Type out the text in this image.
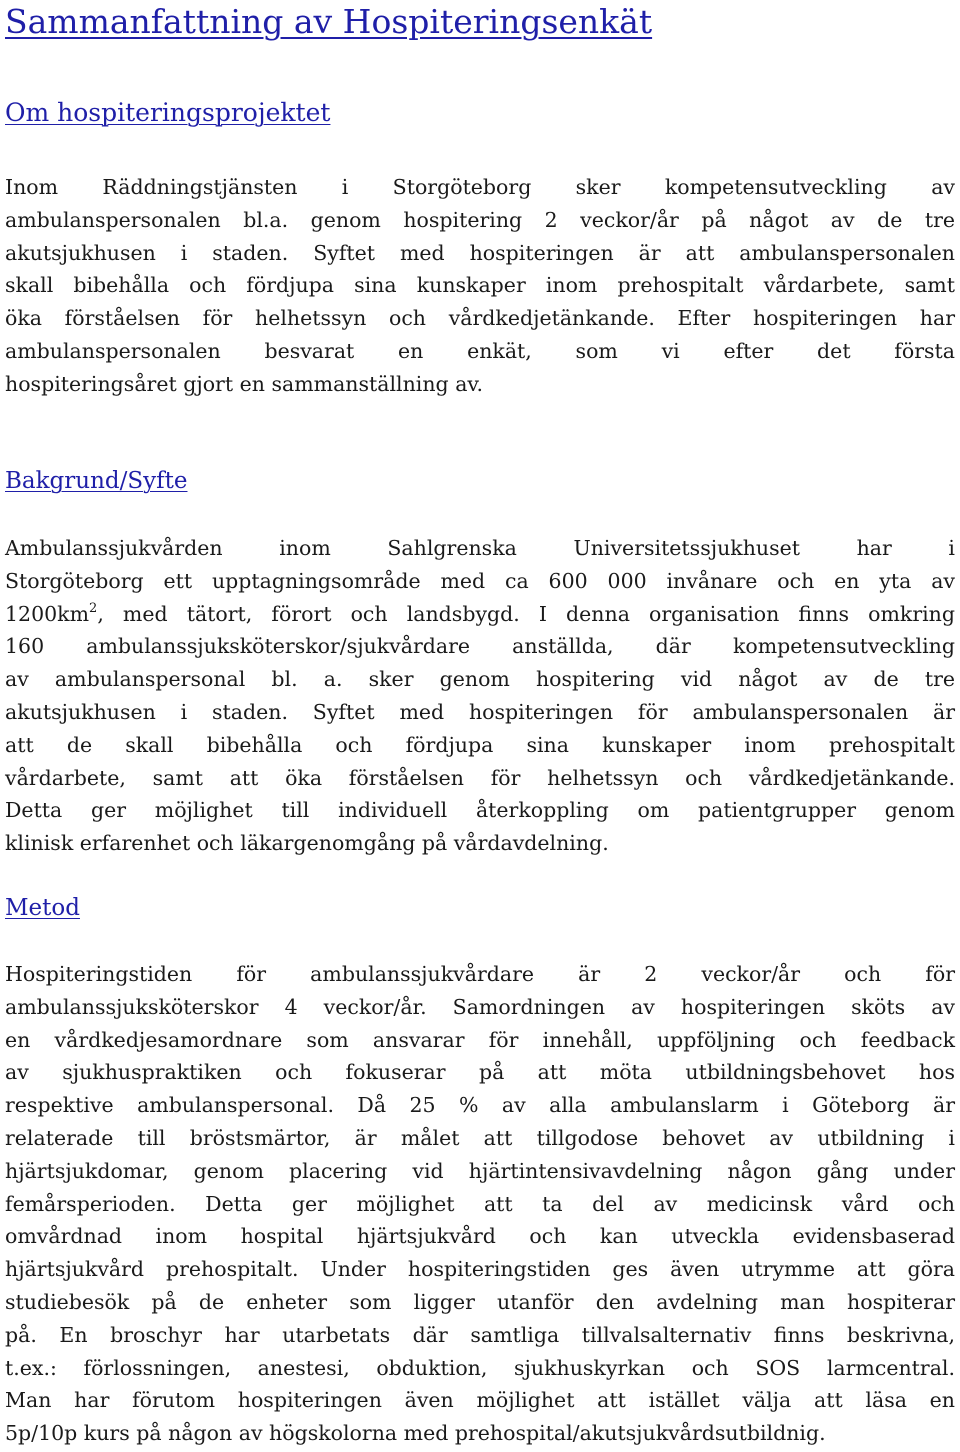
Sammanfattning av Hospiteringsenkät
Om hospiteringsprojektet

Inom Räddningstjänsten i Storgöteborg sker kompetensutveckling av
ambulanspersonalen bl.a. genom hospitering 2 veckor/år på något av de tre
akutsjukhusen i staden. Syftet med hospiteringen är att ambulanspersonalen
skall bibehålla och fördjupa sina kunskaper inom prehospitalt vårdarbete, samt
öka förståelsen för helhetssyn och vårdkedjetänkande. Efter hospiteringen har
ambulanspersonalen besvarat en enkät, som vi efter det första
hospiteringsåret gjort en sammanställning av.

Bakgrund/Syfte

Ambulanssjukvården inom Sahlgrenska Universitetssjukhuset har i
Storgöteborg ett upptagningsområde med ca 600 000 invånare och en yta av
$1200km^2$, med tätort, förort och landsbygd. I denna organisation finns omkring
160 ambulanssjuksköterskor/sjukvårdare anställda, där kompetensutveckling
av ambulanspersonal bl. a. sker genom hospitering vid något av de tre
akutsjukhusen i staden. Syftet med hospiteringen för ambulanspersonalen är
att de skall bibehålla och fördjupa sina kunskaper inom prehospitalt
vårdarbete, samt att öka förståelsen för helhetssyn och vårdkedjetänkande.
Detta ger möjlighet till individuell återkoppling om patientgrupper genom
klinisk erfarenhet och läkargenomgång på vårdavdelning.

Metod

Hospiteringstiden för ambulanssjukvårdare är 2 veckor/år och för
ambulanssjuksköterskor 4 veckor/år. Samordningen av hospiteringen sköts av
en vårdkedjesamordnare som ansvarar för innehåll, uppföljning och feedback
av sjukhuspraktiken och fokuserar på att möta utbildningsbehovet hos
respektive ambulanspersonal. Då 25 % av alla ambulanslarm i Göteborg är
relaterade till bröstsmärtor, är målet att tillgodose behovet av utbildning i
hjärtsjukdomar, genom placering vid hjärtintensivavdelning någon gång under
femårsperioden. Detta ger möjlighet att ta del av medicinsk vård och
omvårdnad inom hospital hjärtsjukvård och kan utveckla evidensbaserad
hjärtsjukvård prehospitalt. Under hospiteringstiden ges även utrymme att göra
studiebesök på de enheter som ligger utanför den avdelning man hospiterar
på. En broschyr har utarbetats där samtliga tillvalsalternativ finns beskrivna,
t.ex.: förlossningen, anestesi, obduktion, sjukhuskyrkan och SOS larmcentral.
Man har förutom hospiteringen även möjlighet att istället välja att läsa en
5p/10p kurs på någon av högskolorna med prehospital/akutsjukvårdsutbildnig.
